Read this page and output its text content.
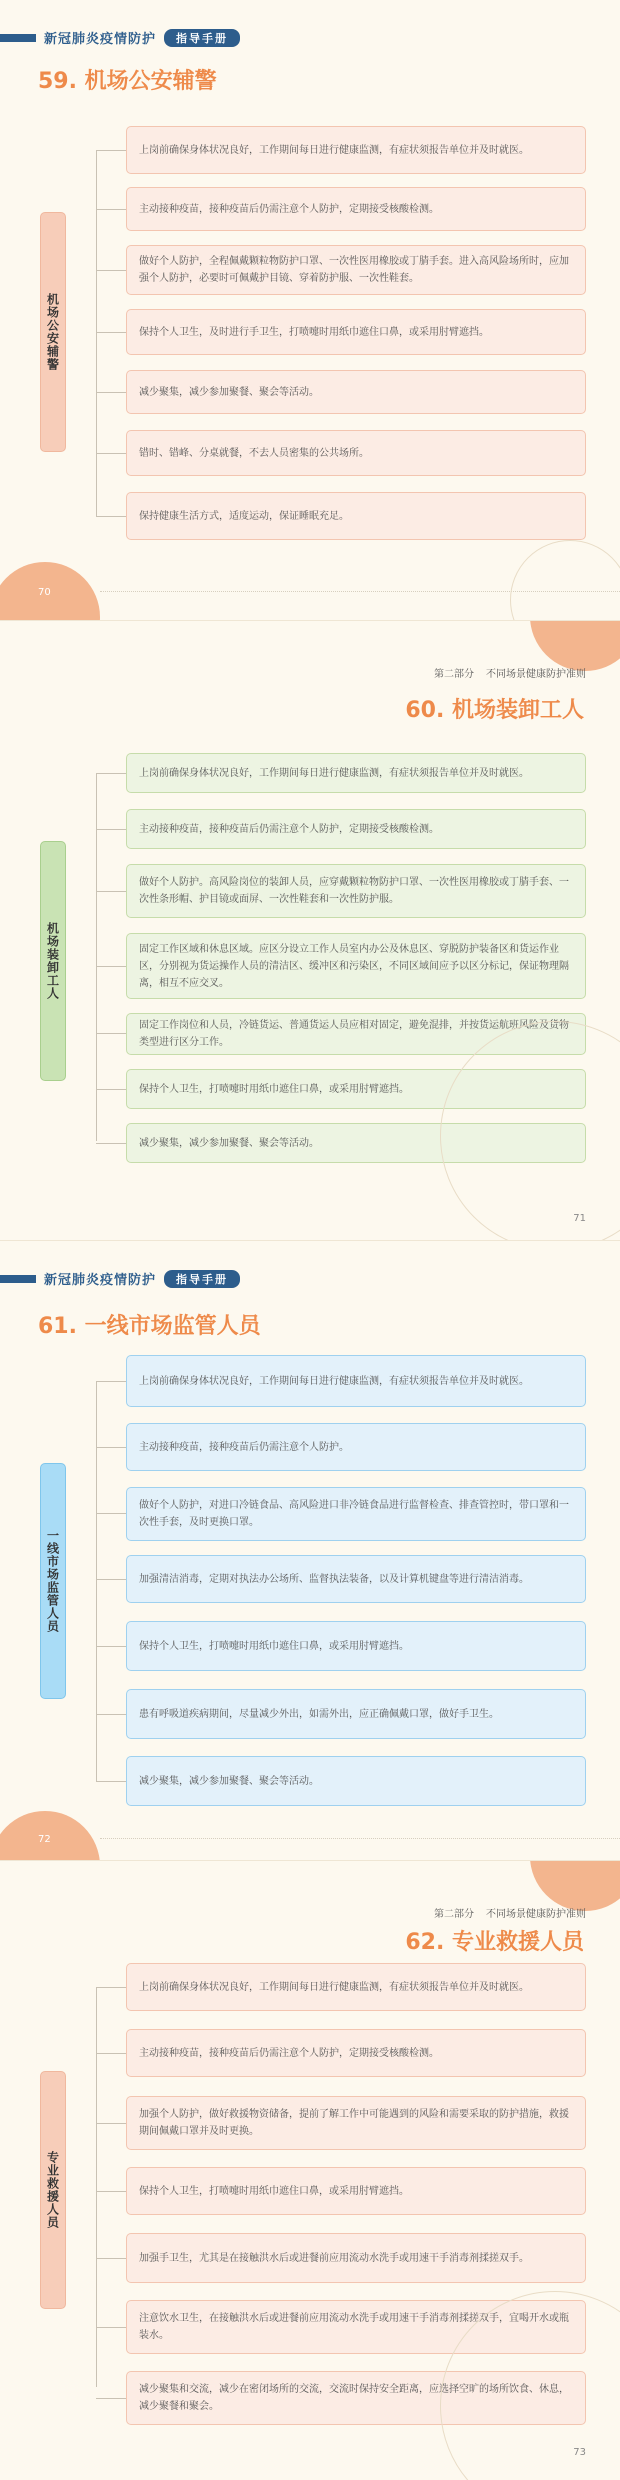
新冠肺炎疫情防护	指导手册
59. 机场公安辅警
机场公安辅警
上岗前确保身体状况良好，工作期间每日进行健康监测，有症状须报告单位并及时就医。
主动接种疫苗，接种疫苗后仍需注意个人防护，定期接受核酸检测。
做好个人防护，全程佩戴颗粒物防护口罩、一次性医用橡胶或丁腈手套。进入高风险场所时，应加强个人防护，必要时可佩戴护目镜、穿着防护服、一次性鞋套。
保持个人卫生，及时进行手卫生，打喷嚏时用纸巾遮住口鼻，或采用肘臂遮挡。
减少聚集，减少参加聚餐、聚会等活动。
错时、错峰、分桌就餐，不去人员密集的公共场所。
保持健康生活方式，适度运动，保证睡眠充足。
70
第二部分 不同场景健康防护准则
60. 机场装卸工人
机场装卸工人
上岗前确保身体状况良好，工作期间每日进行健康监测，有症状须报告单位并及时就医。
主动接种疫苗，接种疫苗后仍需注意个人防护，定期接受核酸检测。
做好个人防护。高风险岗位的装卸人员，应穿戴颗粒物防护口罩、一次性医用橡胶或丁腈手套、一次性条形帽、护目镜或面屏、一次性鞋套和一次性防护服。
固定工作区域和休息区域。应区分设立工作人员室内办公及休息区、穿脱防护装备区和货运作业区，分别视为货运操作人员的清洁区、缓冲区和污染区，不同区域间应予以区分标记，保证物理隔离，相互不应交叉。
固定工作岗位和人员，冷链货运、普通货运人员应相对固定，避免混排，并按货运航班风险及货物类型进行区分工作。
保持个人卫生，打喷嚏时用纸巾遮住口鼻，或采用肘臂遮挡。
减少聚集，减少参加聚餐、聚会等活动。
71
新冠肺炎疫情防护	指导手册
61. 一线市场监管人员
一线市场监管人员
上岗前确保身体状况良好，工作期间每日进行健康监测，有症状须报告单位并及时就医。
主动接种疫苗，接种疫苗后仍需注意个人防护。
做好个人防护，对进口冷链食品、高风险进口非冷链食品进行监督检查、排查管控时，带口罩和一次性手套，及时更换口罩。
加强清洁消毒，定期对执法办公场所、监督执法装备，以及计算机键盘等进行清洁消毒。
保持个人卫生，打喷嚏时用纸巾遮住口鼻，或采用肘臂遮挡。
患有呼吸道疾病期间，尽量减少外出，如需外出，应正确佩戴口罩，做好手卫生。
减少聚集，减少参加聚餐、聚会等活动。
72
第二部分 不同场景健康防护准则
62. 专业救援人员
专业救援人员
上岗前确保身体状况良好，工作期间每日进行健康监测，有症状须报告单位并及时就医。
主动接种疫苗，接种疫苗后仍需注意个人防护，定期接受核酸检测。
加强个人防护，做好救援物资储备，提前了解工作中可能遇到的风险和需要采取的防护措施，救援期间佩戴口罩并及时更换。
保持个人卫生，打喷嚏时用纸巾遮住口鼻，或采用肘臂遮挡。
加强手卫生，尤其是在接触洪水后或进餐前应用流动水洗手或用速干手消毒剂揉搓双手。
注意饮水卫生，在接触洪水后或进餐前应用流动水洗手或用速干手消毒剂揉搓双手，宜喝开水或瓶装水。
减少聚集和交流，减少在密闭场所的交流，交流时保持安全距离，应选择空旷的场所饮食、休息，减少聚餐和聚会。
73
